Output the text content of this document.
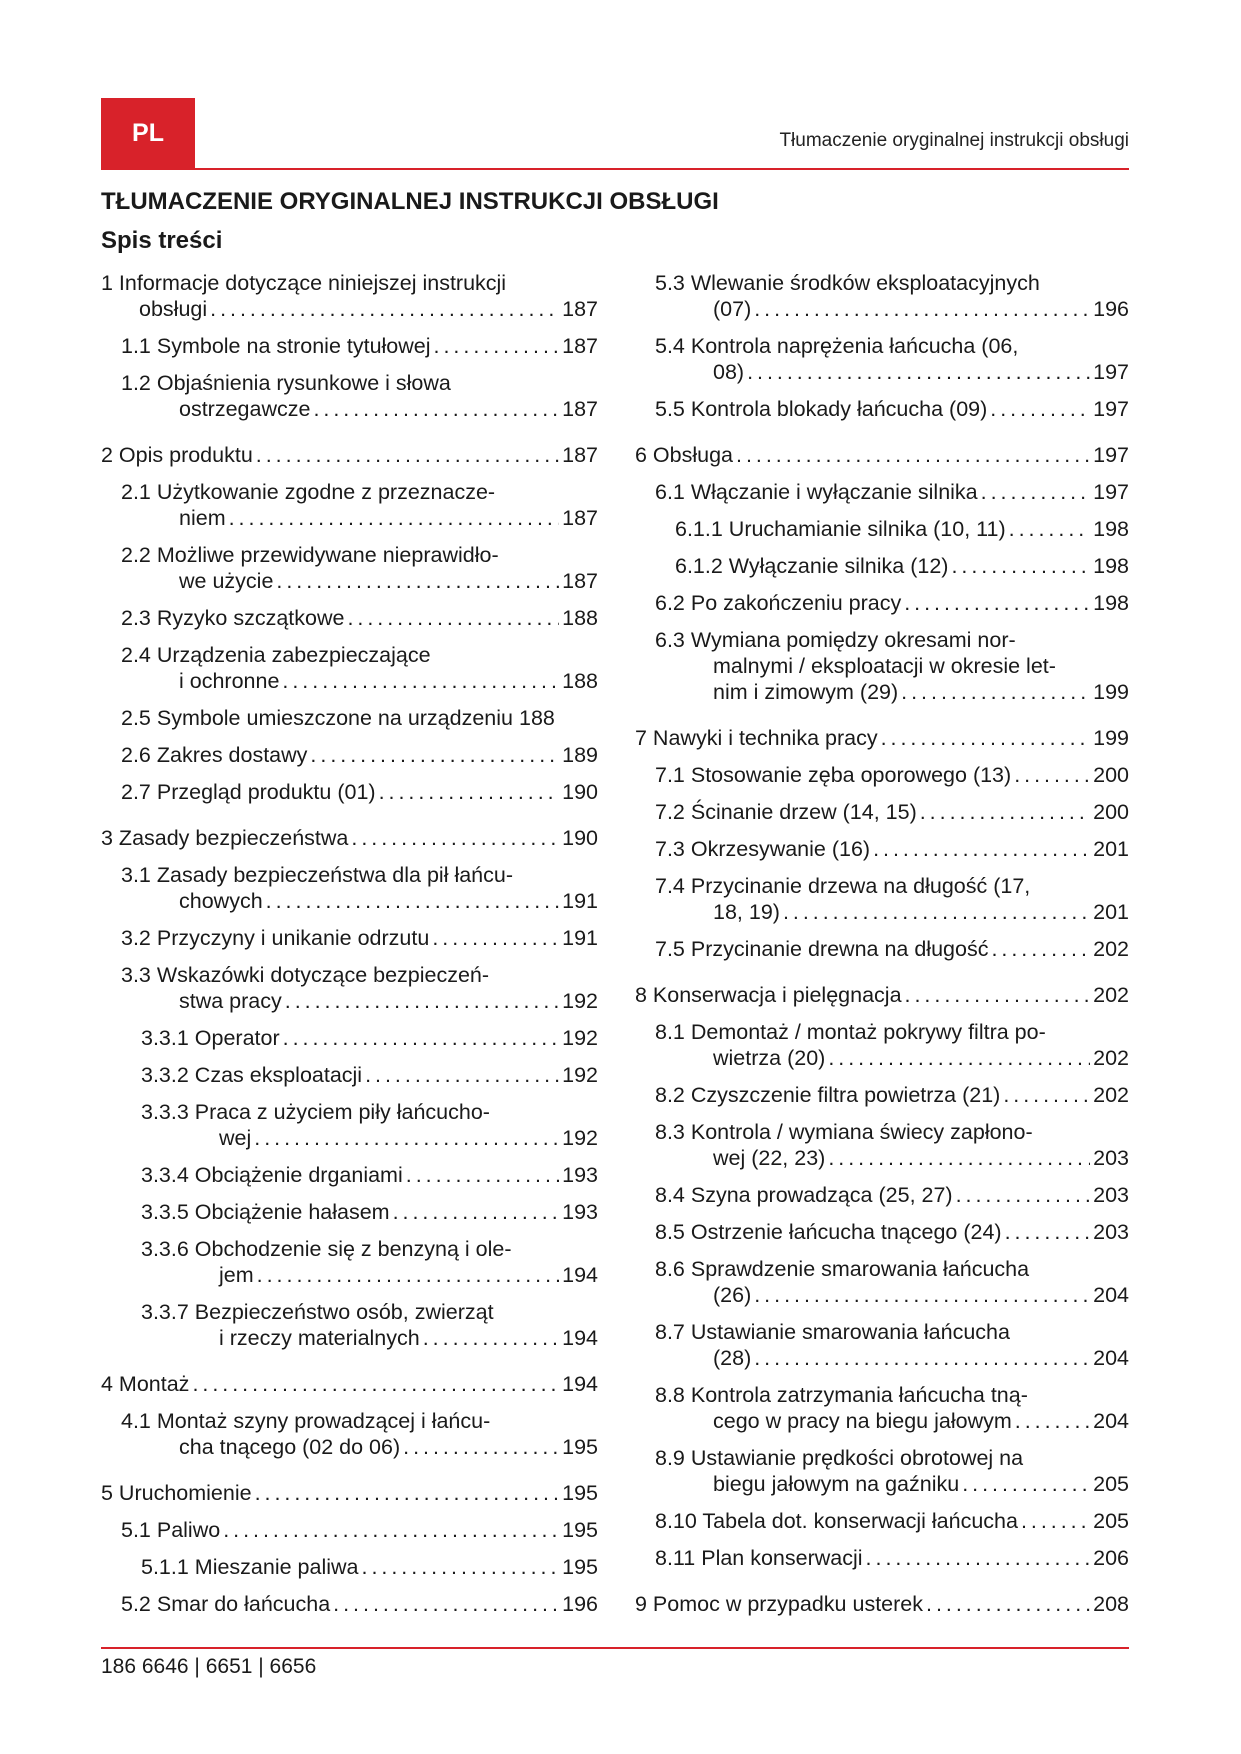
PL	Tłumaczenie oryginalnej instrukcji obsługi
TŁUMACZENIE ORYGINALNEJ INSTRUKCJI OBSŁUGI
Spis treści
1 Informacje dotyczące niniejszej instrukcji
obsługi . . .	187
1.1 Symbole na stronie tytułowej . . .	187
1.2 Objaśnienia rysunkowe i słowa
ostrzegawcze . . .	187
2 Opis produktu . . .	187
2.1 Użytkowanie zgodne z przeznacze-
niem . . .	187
2.2 Możliwe przewidywane nieprawidło-
we użycie . . .	187
2.3 Ryzyko szczątkowe . . .	188
2.4 Urządzenia zabezpieczające
i ochronne . . .	188
2.5 Symbole umieszczone na urządzeniu 188
2.6 Zakres dostawy . . .	189
2.7 Przegląd produktu (01) . . .	190
3 Zasady bezpieczeństwa . . .	190
3.1 Zasady bezpieczeństwa dla pił łańcu-
chowych . . .	191
3.2 Przyczyny i unikanie odrzutu . . .	191
3.3 Wskazówki dotyczące bezpieczeń-
stwa pracy . . .	192
3.3.1 Operator . . .	192
3.3.2 Czas eksploatacji . . .	192
3.3.3 Praca z użyciem piły łańcucho-
wej . . .	192
3.3.4 Obciążenie drganiami . . .	193
3.3.5 Obciążenie hałasem . . .	193
3.3.6 Obchodzenie się z benzyną i ole-
jem . . .	194
3.3.7 Bezpieczeństwo osób, zwierząt
i rzeczy materialnych . . .	194
4 Montaż . . .	194
4.1 Montaż szyny prowadzącej i łańcu-
cha tnącego (02 do 06) . . .	195
5 Uruchomienie . . .	195
5.1 Paliwo . . .	195
5.1.1 Mieszanie paliwa . . .	195
5.2 Smar do łańcucha . . .	196
5.3 Wlewanie środków eksploatacyjnych
(07) . . .	196
5.4 Kontrola naprężenia łańcucha (06,
08) . . .	197
5.5 Kontrola blokady łańcucha (09) . . .	197
6 Obsługa . . .	197
6.1 Włączanie i wyłączanie silnika . . .	197
6.1.1 Uruchamianie silnika (10, 11) . . .	198
6.1.2 Wyłączanie silnika (12) . . .	198
6.2 Po zakończeniu pracy . . .	198
6.3 Wymiana pomiędzy okresami nor-
malnymi / eksploatacji w okresie let-
nim i zimowym (29) . . .	199
7 Nawyki i technika pracy . . .	199
7.1 Stosowanie zęba oporowego (13) . . .	200
7.2 Ścinanie drzew (14, 15) . . .	200
7.3 Okrzesywanie (16) . . .	201
7.4 Przycinanie drzewa na długość (17,
18, 19) . . .	201
7.5 Przycinanie drewna na długość . . .	202
8 Konserwacja i pielęgnacja . . .	202
8.1 Demontaż / montaż pokrywy filtra po-
wietrza (20) . . .	202
8.2 Czyszczenie filtra powietrza (21) . . .	202
8.3 Kontrola / wymiana świecy zapłono-
wej (22, 23) . . .	203
8.4 Szyna prowadząca (25, 27) . . .	203
8.5 Ostrzenie łańcucha tnącego (24) . . .	203
8.6 Sprawdzenie smarowania łańcucha
(26) . . .	204
8.7 Ustawianie smarowania łańcucha
(28) . . .	204
8.8 Kontrola zatrzymania łańcucha tną-
cego w pracy na biegu jałowym . . .	204
8.9 Ustawianie prędkości obrotowej na
biegu jałowym na gaźniku . . .	205
8.10 Tabela dot. konserwacji łańcucha . . .	205
8.11 Plan konserwacji . . .	206
9 Pomoc w przypadku usterek . . .	208
186 6646 | 6651 | 6656
